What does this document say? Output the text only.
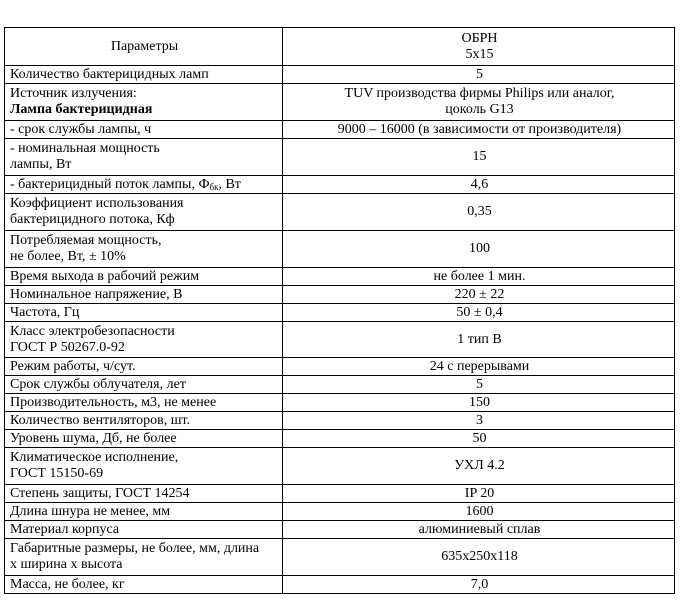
Параметры	ОБРН
5x15

Количество бактерицидных ламп	5

Источник излучения:
Лампа бактерицидная	TUV производства фирмы Philips или аналог,
цоколь G13

- срок службы лампы, ч	9000 – 16000 (в зависимости от производителя)

- номинальная мощность
лампы, Вт	15
- бактерицидный поток лампы, $Ф_{бк}$, Вт	4,6

Коэффициент использования
бактерицидного потока, Кф	0,35

Потребляемая мощность,
не более, Вт, ± 10%	100
Время выхода в рабочий режим	не более 1 мин.
Номинальное напряжение, В	220 ± 22
Частота, Гц	50 ± 0,4

Класс электробезопасности
ГОСТ Р 50267.0-92	1 тип В
Режим работы, ч/сут.	24 с перерывами
Срок службы облучателя, лет	5
Производительность, м3, не менее	150
Количество вентиляторов, шт.	3
Уровень шума, Дб, не более	50

Климатическое исполнение,
ГОСТ 15150-69	УХЛ 4.2
Степень защиты, ГОСТ 14254	IP 20
Длина шнура не менее, мм	1600
Материал корпуса	алюминиевый сплав

Габаритные размеры, не более, мм, длина
х ширина х высота	635x250x118
Масса, не более, кг	7,0
